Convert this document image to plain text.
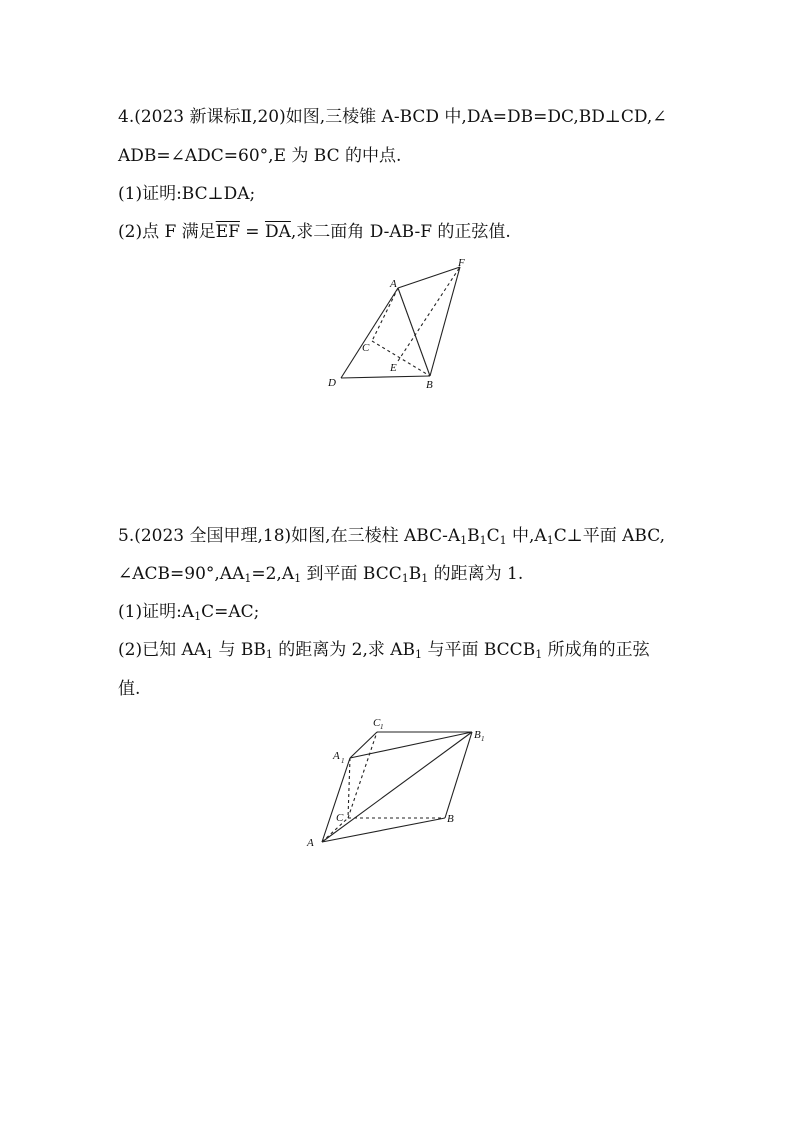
4.(2023 新课标Ⅱ,20)如图,三棱锥 A-BCD 中,DA=DB=DC,BD⊥CD,∠
ADB=∠ADC=60°,E 为 BC 的中点.
(1)证明:BC⊥DA;
(2)点 F 满足$\overline{EF} = \overline{DA}$,求二面角 D-AB-F 的正弦值.
A
F
C
E
D	B
5.(2023 全国甲理,18)如图,在三棱柱 ABC-$A_1B_1C_1$ 中$,A_1C\perp$平面 ABC,
$\angle ACB=90^\circ,AA_1=2,A_1$ 到平面 $BCC_1B_1$ 的距离为 1.
(1)证明$:A_1C=AC$;
(2)已知 $AA_1$ 与 $BB_1$ 的距离为 2,求 $AB_1$ 与平面 $BCCB_1$ 所成角的正弦
值.
C 1
B 1
A 1
C	B
A
